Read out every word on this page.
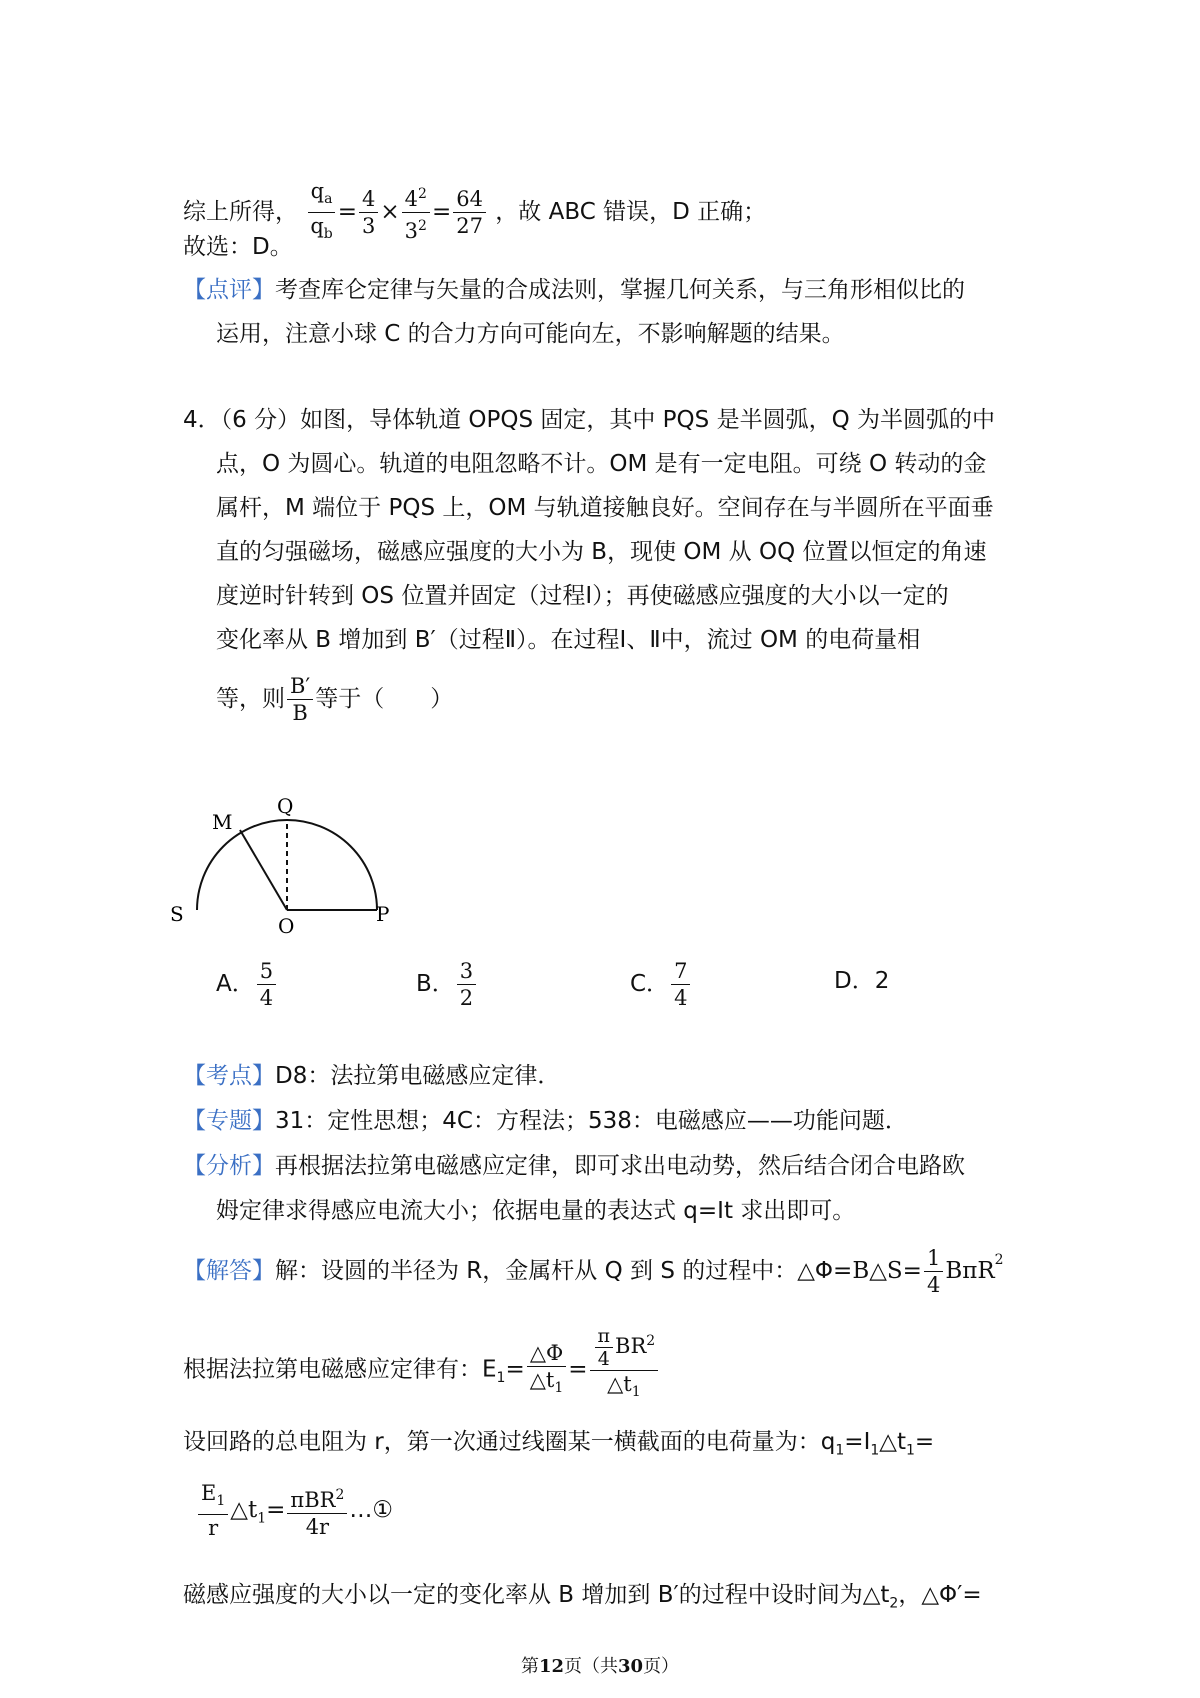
综上所得， $\frac{q_a}{q_b} = \frac{4}{3} \times \frac{4^2}{3^2} = \frac{64}{27}$ ，故 ABC 错误，D 正确；
故选：D。
【点评】考查库仑定律与矢量的合成法则，掌握几何关系，与三角形相似比的
运用，注意小球 C 的合力方向可能向左，不影响解题的结果。
4．（6 分）如图，导体轨道 OPQS 固定，其中 PQS 是半圆弧，Q 为半圆弧的中
点，O 为圆心。轨道的电阻忽略不计。OM 是有一定电阻。可绕 O 转动的金
属杆，M 端位于 PQS 上，OM 与轨道接触良好。空间存在与半圆所在平面垂
直的匀强磁场，磁感应强度的大小为 B，现使 OM 从 OQ 位置以恒定的角速
度逆时针转到 OS 位置并固定（过程Ⅰ）；再使磁感应强度的大小以一定的
变化率从 B 增加到 B′（过程Ⅱ）。在过程Ⅰ、Ⅱ中，流过 OM 的电荷量相
等，则 $\frac{B'}{B}$ 等于（　　）
M
Q
S	O	P
A． $\frac{5}{4}$	B． $\frac{3}{2}$	C． $\frac{7}{4}$	D．2
【考点】D8：法拉第电磁感应定律．
【专题】31：定性思想；4C：方程法；538：电磁感应——功能问题．
【分析】再根据法拉第电磁感应定律，即可求出电动势，然后结合闭合电路欧
姆定律求得感应电流大小；依据电量的表达式 q=It 求出即可。
【解答】解：设圆的半径为 R，金属杆从 Q 到 S 的过程中：△Φ=B△S= $\frac{1}{4} B\pi R^2$
根据法拉第电磁感应定律有：$E_1= \frac{\triangle\Phi}{\triangle t_1} = \frac{\frac{\pi}{4} BR^2}{\triangle t_1}$
设回路的总电阻为 r，第一次通过线圈某一横截面的电荷量为：$q_1=I_1\triangle t_1=$
$\frac{E_1}{r}$ $\triangle t_1= \frac{\pi BR^2}{4r}$ …①
磁感应强度的大小以一定的变化率从 B 增加到 B′的过程中设时间为$\triangle t_2$，△Φ′=
第12页（共30页）
